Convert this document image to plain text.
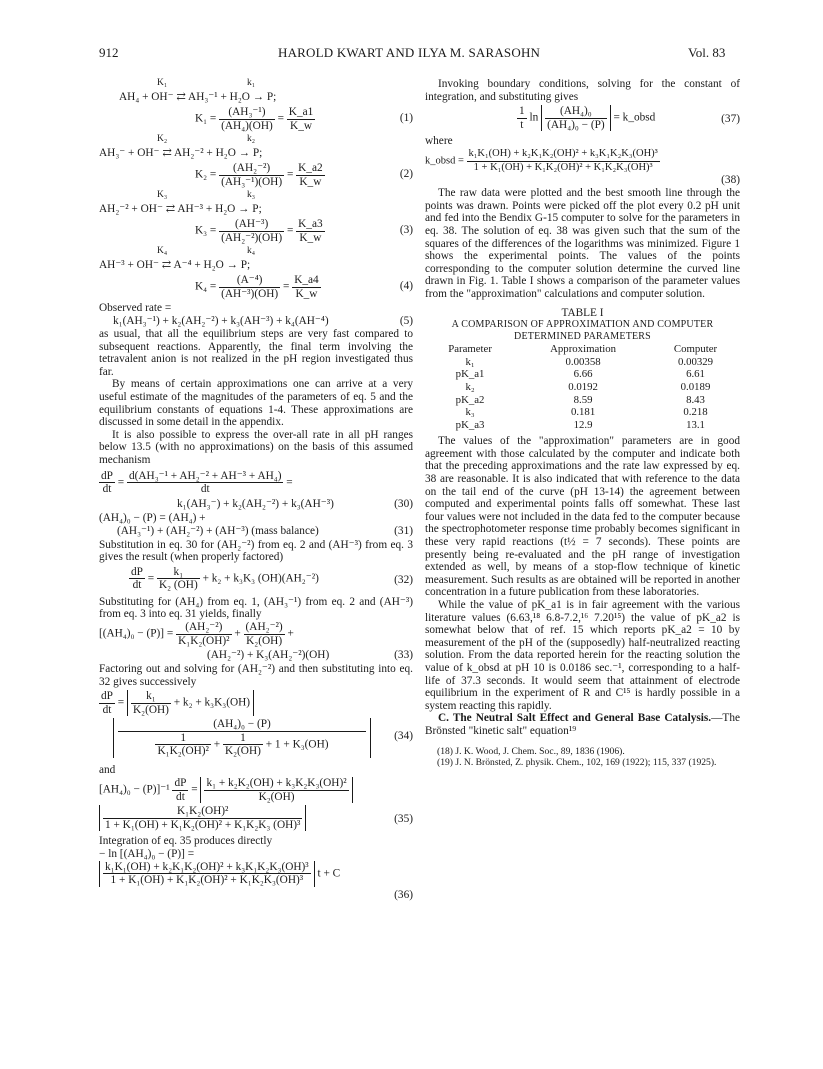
912	HAROLD KWART AND ILYA M. SARASOHN	Vol. 83
K₁	k₁
AH₄ + OH⁻ ⇄ AH₃⁻¹ + H₂O → P;
$K_1 = \frac{\text{(AH₃⁻¹)}}{\text{(AH₄)(OH)}} = \frac{K\_a1}{K\_w}$	(1)
K₂	k₂
AH₃⁻ + OH⁻ ⇄ AH₂⁻² + H₂O → P;
$K_2 = \frac{\text{(AH₂⁻²)}}{\text{(AH₃⁻¹)(OH)}} = \frac{K\_a2}{K\_w}$	(2)
K₃	k₃
AH₂⁻² + OH⁻ ⇄ AH⁻³ + H₂O → P;
$K_3 = \frac{\text{(AH⁻³)}}{\text{(AH₂⁻²)(OH)}} = \frac{K\_a3}{K\_w}$	(3)
K₄	k₄
AH⁻³ + OH⁻ ⇄ A⁻⁴ + H₂O → P;
$K_4 = \frac{\text{(A⁻⁴)}}{\text{(AH⁻³)(OH)}} = \frac{K\_a4}{K\_w}$	(4)
Observed rate =
k₁(AH₃⁻¹) + k₂(AH₂⁻²) + k₃(AH⁻³) + k₄(AH⁻⁴)	(5)

as usual, that all the equilibrium steps are very fast compared to subsequent reactions. Apparently, the final term involving the tetravalent anion is not realized in the pH region investigated thus far.

By means of certain approximations one can arrive at a very useful estimate of the magnitudes of the parameters of eq. 5 and the equilibrium constants of equations 1-4. These approximations are discussed in some detail in the appendix.

It is also possible to express the over-all rate in all pH ranges below 13.5 (with no approximations) on the basis of this assumed mechanism

$\frac{dP}{dt} = \frac{\text{d(AH₃⁻¹ + AH₂⁻² + AH⁻³ + AH₄)}}{dt}$ =
k₁(AH₃⁻) + k₂(AH₂⁻²) + k₃(AH⁻³)	(30)
(AH₄)₀ − (P) = (AH₄) +
(AH₃⁻¹) + (AH₂⁻²) + (AH⁻³) (mass balance)	(31)

Substitution in eq. 30 for (AH₂⁻²) from eq. 2 and (AH⁻³) from eq. 3 gives the result (when properly factored)

$\frac{dP}{dt} = \frac{\text{k₁}}{\text{K₂ (OH)}} + k_2 + k_3K_3$ (OH)(AH₂⁻²)	(32)

Substituting for (AH₄) from eq. 1, (AH₃⁻¹) from eq. 2 and (AH⁻³) from eq. 3 into eq. 31 yields, finally

$[(AH_4)_0 - (P)] = \frac{\text{(AH₂⁻²)}}{\text{K₁K₂(OH)²}} + \frac{\text{(AH₂⁻²)}}{\text{K₂(OH)}}$ +
(AH₂⁻²) + K₃(AH₂⁻²)(OH)	(33)

Factoring out and solving for (AH₂⁻²) and then substituting into eq. 32 gives successively

$\frac{dP}{dt} = \frac{\text{k₁}}{\text{K₂(OH)}} + k_2 + k_3K_3(OH)$
(AH₄)₀ − (P)
$\frac{1}{\text{K₁K₂(OH)²}} + \frac{1}{\text{K₂(OH)}} + 1 + K_3(OH)$
(34)
and
$[AH_4)_0 - (P)]^{-1} \frac{dP}{dt} = \frac{\text{k₁ + k₂K₂(OH) + k₃K₂K₃(OH)²}}{\text{K₂(OH)}}$
$\frac{\text{K₁K₂(OH)²}}{\text{1 + K₁(OH) + K₁K₂(OH)² + K₁K₂K₃ (OH)³}}$	(35)

Integration of eq. 35 produces directly

− ln [(AH₄)₀ − (P)] =
$\frac{\text{k₁K₁(OH) + k₂K₁K₂(OH)² + k₃K₁K₂K₃(OH)³}}{\text{1 + K₁(OH) + K₁K₂(OH)² + K₁K₂K₃(OH)³}}$ t + C
(36)

Invoking boundary conditions, solving for the constant of integration, and substituting gives

$\frac{1}{t}$ $\ln \frac{\text{(AH₄)₀}}{\text{(AH₄)₀ − (P)}}$ = k_obsd	(37)
where
k_obsd = $\frac{\text{k₁K₁(OH) + k₂K₁K₂(OH)² + k₃K₁K₂K₃(OH)³}}{\text{1 + K₁(OH) + K₁K₂(OH)² + K₁K₂K₃(OH)³}}$
(38)

The raw data were plotted and the best smooth line through the points was drawn. Points were picked off the plot every 0.2 pH unit and fed into the Bendix G-15 computer to solve for the parameters in eq. 38. The solution of eq. 38 was given such that the sum of the squares of the differences of the logarithms was minimized. Figure 1 shows the experimental points. The values of the points corresponding to the computer solution determine the curved line drawn in Fig. 1. Table I shows a comparison of the parameter values from the "approximation" calculations and computer solution.

TABLE I
A COMPARISON OF APPROXIMATION AND COMPUTER DETERMINED PARAMETERS
Parameter	Approximation	Computer
k₁	0.00358	0.00329
pK_a1	6.66	6.61
k₂	0.0192	0.0189
pK_a2	8.59	8.43
k₃	0.181	0.218
pK_a3	12.9	13.1

The values of the "approximation" parameters are in good agreement with those calculated by the computer and indicate both that the preceding approximations and the rate law expressed by eq. 38 are reasonable. It is also indicated that with reference to the data on the tail end of the curve (pH 13-14) the agreement between computed and experimental points falls off somewhat. These last four values were not included in the data fed to the computer because the spectrophotometer response time probably becomes significant in these very rapid reactions (t½ = 7 seconds). These points are presently being re-evaluated and the pH range of investigation extended as well, by means of a stop-flow technique of kinetic measurement. Such results as are obtained will be reported in another concentration in a future publication from these laboratories.

While the value of pK_a1 is in fair agreement with the various literature values (6.63,¹⁸ 6.8-7.2,¹⁶ 7.20¹⁵) the value of pK_a2 is somewhat below that of ref. 15 which reports pK_a2 = 10 by measurement of the pH of the (supposedly) half-neutralized reacting solution. From the data reported herein for the reacting solution the value of k_obsd at pH 10 is 0.0186 sec.⁻¹, corresponding to a half-life of 37.3 seconds. It would seem that attainment of electrode equilibrium in the experiment of R and C¹⁵ is hardly possible in a system reacting this rapidly.

C. The Neutral Salt Effect and General Base Catalysis.—The Brönsted "kinetic salt" equation¹⁹

(18) J. K. Wood, J. Chem. Soc., 89, 1836 (1906).
(19) J. N. Brönsted, Z. physik. Chem., 102, 169 (1922); 115, 337 (1925).
